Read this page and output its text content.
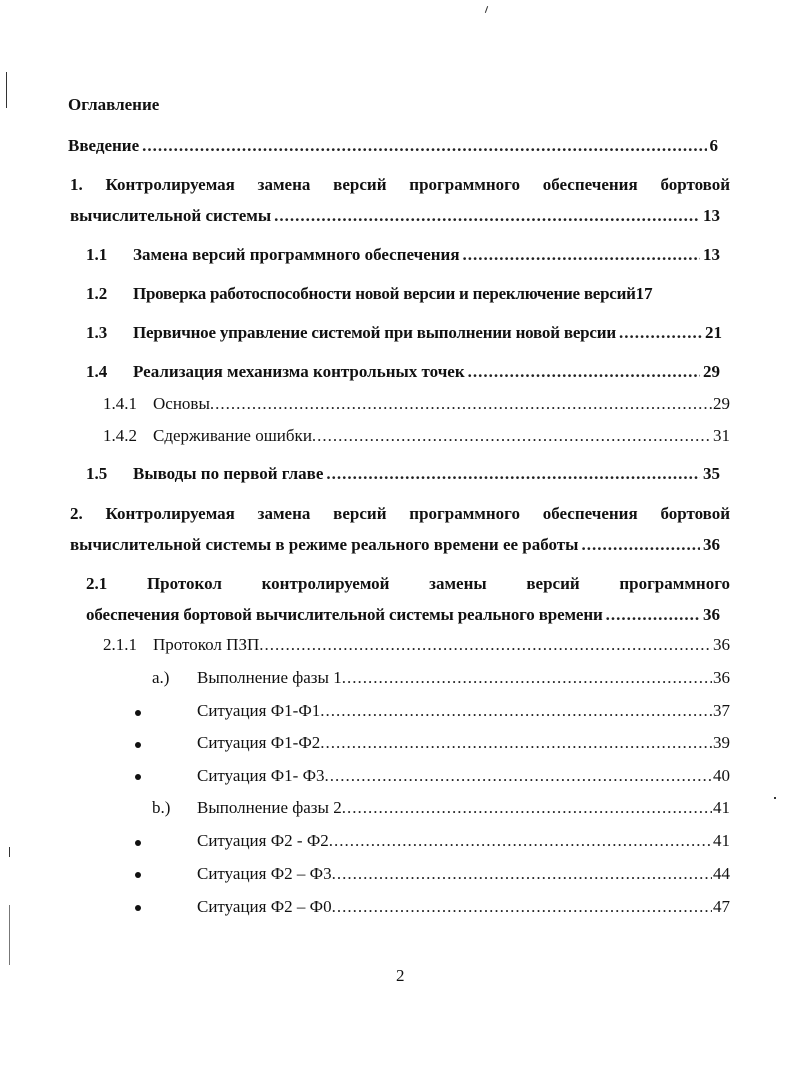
Оглавление
Введение .....	6
1. Контролируемая замена версий программного обеспечения бортовой
вычислительной системы .....	13
1.1	Замена версий программного обеспечения .....	13
1.2	Проверка работоспособности новой версии и переключение версий 17
1.3	Первичное управление системой при выполнении новой версии .....	21
1.4	Реализация механизма контрольных точек .....	29
1.4.1 Основы .....	29
1.4.2 Сдерживание ошибки .....	31
1.5	Выводы по первой главе .....	35
2. Контролируемая замена версий программного обеспечения бортовой
вычислительной системы в режиме реального времени ее работы .....	36
2.1 Протокол контролируемой замены версий программного
обеспечения бортовой вычислительной системы реального времени .....	36
2.1.1 Протокол ПЗП .....	36
a.)	Выполнение фазы 1 .....	36
Ситуация Ф1-Ф1 .....	37
Ситуация Ф1-Ф2 .....	39
Ситуация Ф1- Ф3 .....	40
b.)	Выполнение фазы 2 .....	41
Ситуация Ф2 - Ф2 .....	41
Ситуация Ф2 – Ф3 .....	44
Ситуация Ф2 – Ф0 .....	47
2
